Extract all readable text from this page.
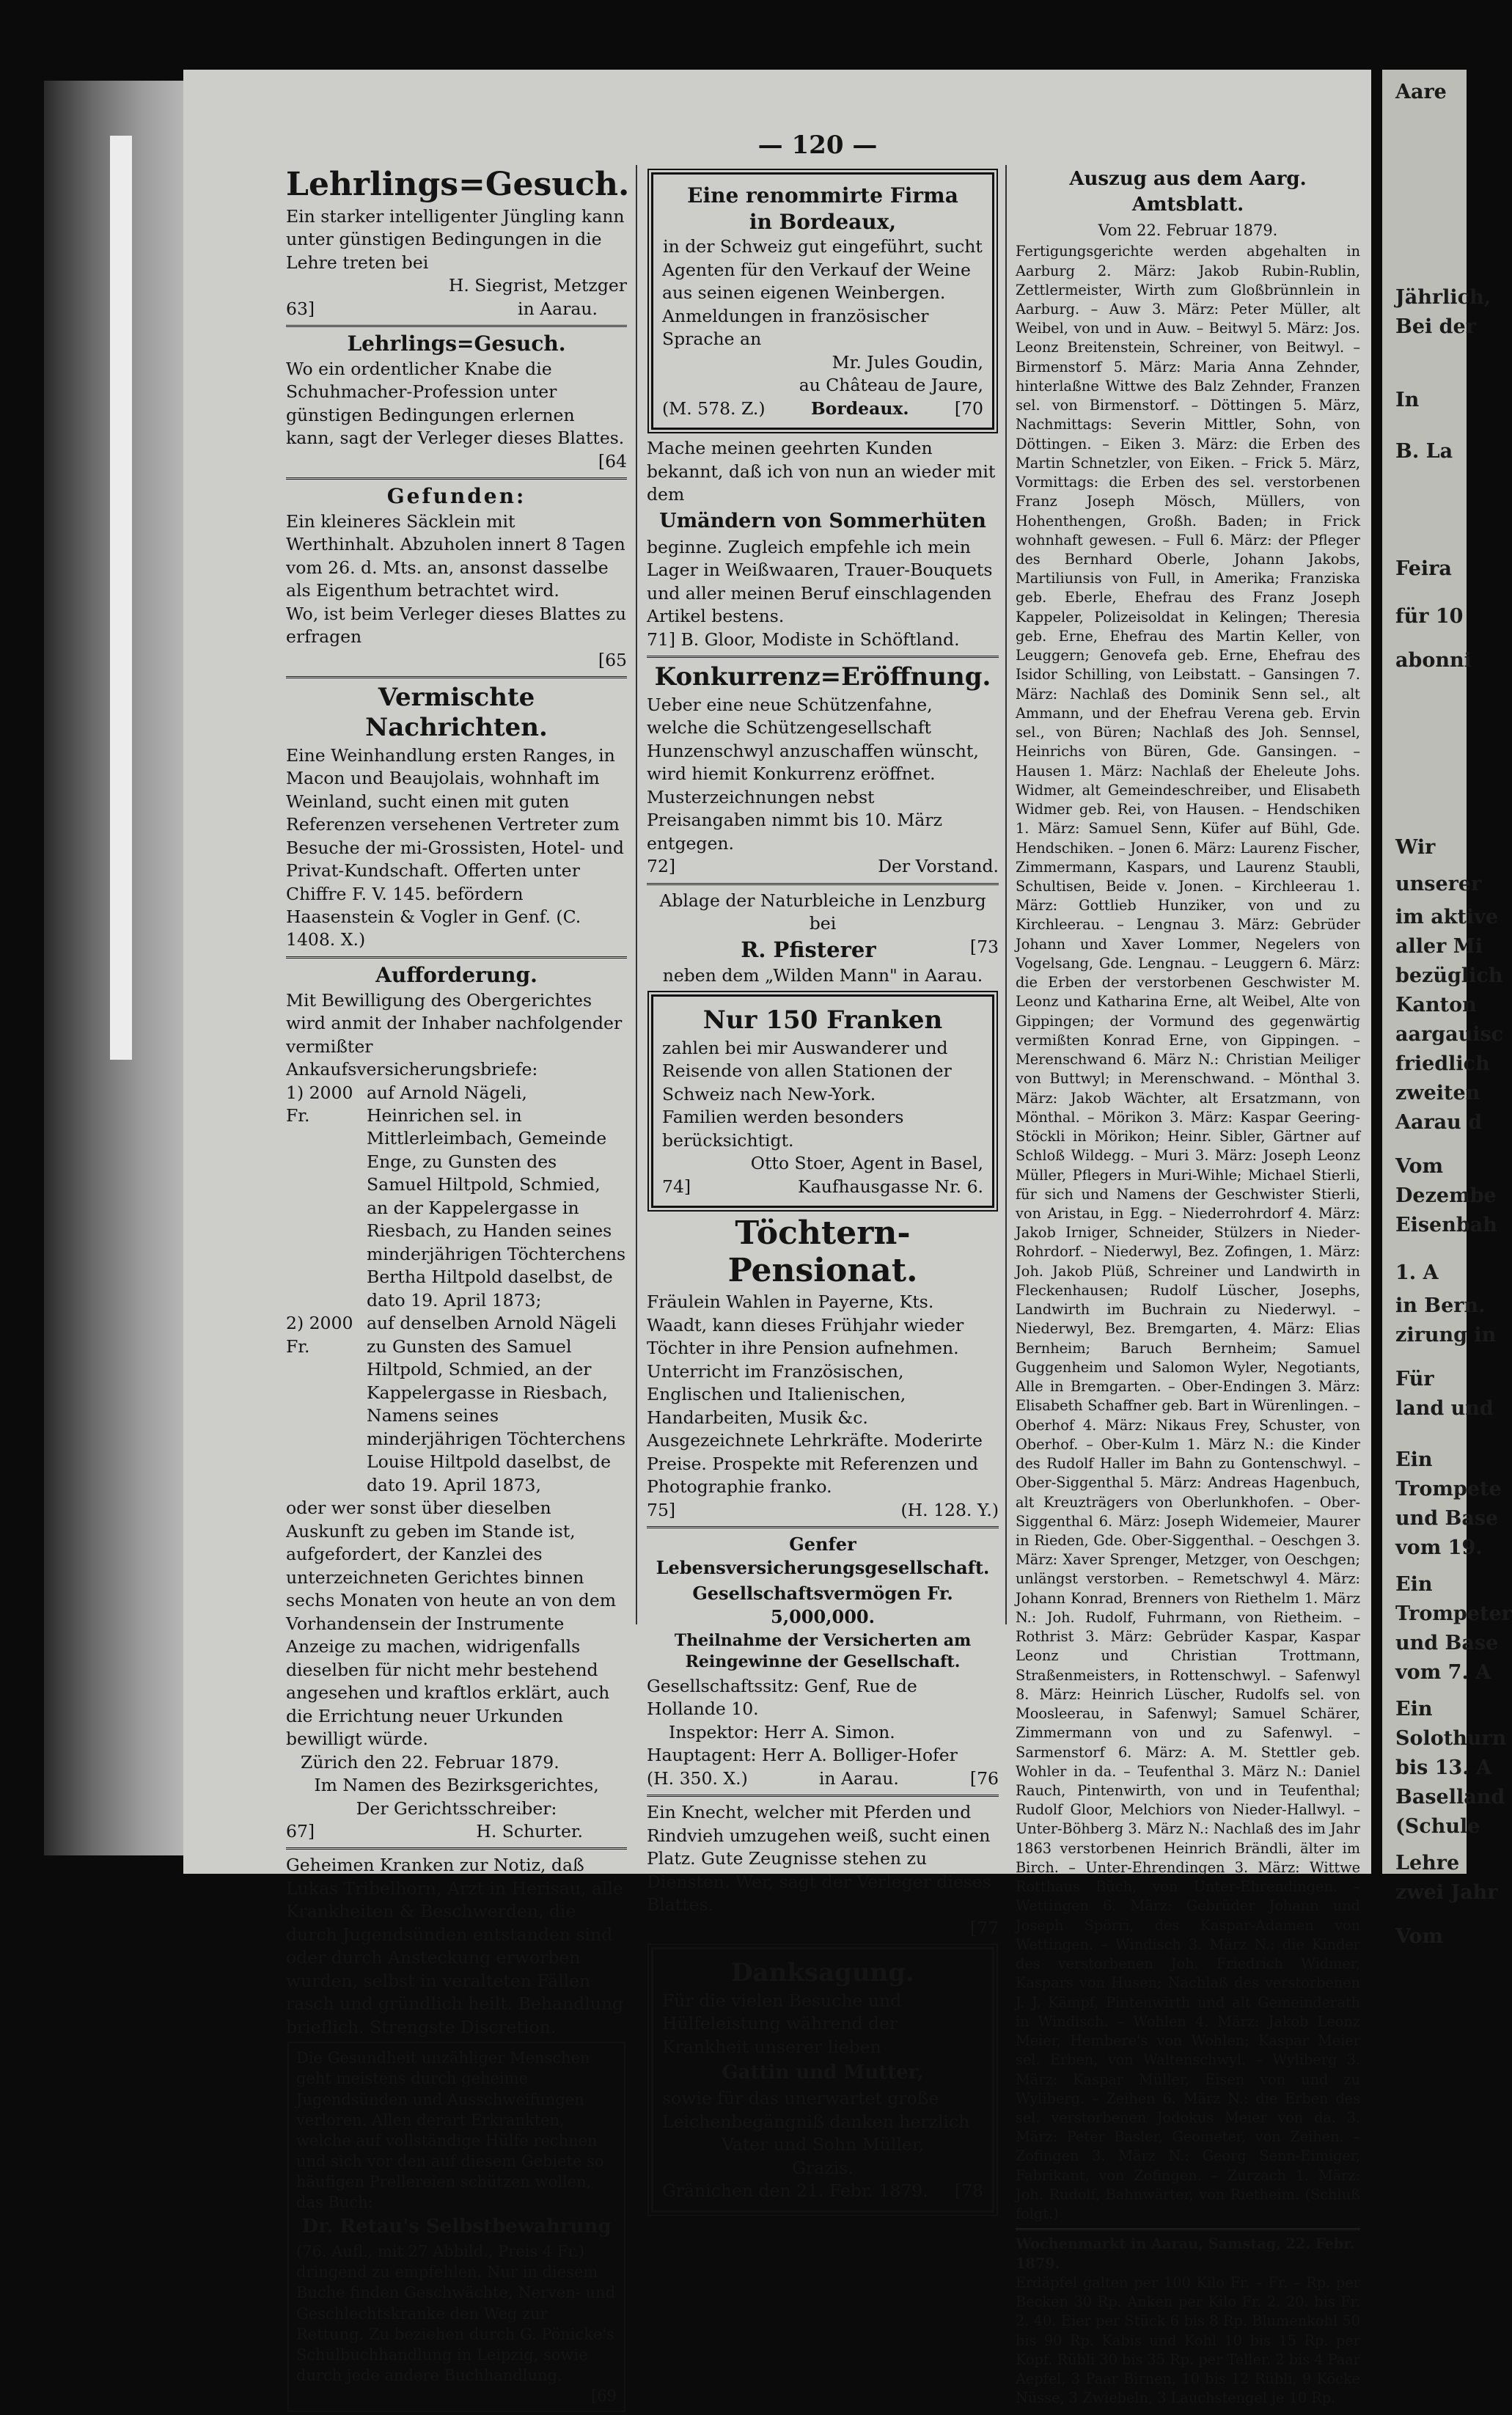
Aare
Jährlich,
Bei der
In
B. La
Feira
für 10
abonni
Wir
unserer
im aktive
aller Mi
bezüglich
Kanton
aargauisc
friedlich
zweiten
Aarau d
Vom
Dezembe
Eisenbah
1. A
in Bern.
zirung in
Für
land und
Ein
Trompete
und Base
vom 19.
Ein
Trompeter
und Base
vom 7. A
Ein
Solothurn
bis 13. A
Baselland
(Schule
Lehre
zwei Jahr
Vom
— 120 —
Lehrlings=Gesuch.

Ein starker intelligenter Jüngling kann unter günstigen Bedingungen in die Lehre treten bei

H. Siegrist, Metzger

63]	in Aarau.
Lehrlings=Gesuch.

Wo ein ordentlicher Knabe die Schuhmacher-Profession unter günstigen Bedingungen erlernen kann, sagt der Verleger dieses Blattes.

[64

Gefunden:

Ein kleineres Säcklein mit Werthinhalt. Abzuholen innert 8 Tagen vom 26. d. Mts. an, ansonst dasselbe als Eigenthum betrachtet wird.

Wo, ist beim Verleger dieses Blattes zu erfragen

[65

Vermischte Nachrichten.

Eine Weinhandlung ersten Ranges, in Macon und Beaujolais, wohnhaft im Weinland, sucht einen mit guten Referenzen versehenen Vertreter zum Besuche der mi-Grossisten, Hotel- und Privat-Kundschaft. Offerten unter Chiffre F. V. 145. befördern Haasenstein & Vogler in Genf. (C. 1408. X.)

Aufforderung.

Mit Bewilligung des Obergerichtes wird anmit der Inhaber nachfolgender vermißter Ankaufsversicherungsbriefe:

1) 2000 Fr.
auf Arnold Nägeli, Heinrichen sel. in Mittlerleimbach, Gemeinde Enge, zu Gunsten des Samuel Hiltpold, Schmied, an der Kappelergasse in Riesbach, zu Handen seines minderjährigen Töchterchens Bertha Hiltpold daselbst, de dato 19. April 1873;
2) 2000 Fr.
auf denselben Arnold Nägeli zu Gunsten des Samuel Hiltpold, Schmied, an der Kappelergasse in Riesbach, Namens seines minderjährigen Töchterchens Louise Hiltpold daselbst, de dato 19. April 1873,

oder wer sonst über dieselben Auskunft zu geben im Stande ist, aufgefordert, der Kanzlei des unterzeichneten Gerichtes binnen sechs Monaten von heute an von dem Vorhandensein der Instrumente Anzeige zu machen, widrigenfalls dieselben für nicht mehr bestehend angesehen und kraftlos erklärt, auch die Errichtung neuer Urkunden bewilligt würde.

Zürich den 22. Februar 1879.

Im Namen des Bezirksgerichtes,

Der Gerichtsschreiber:

67]	H. Schurter.

Geheimen Kranken zur Notiz, daß Lukas Tribelhorn, Arzt in Herisau, alle Krankheiten & Beschwerden, die durch Jugendsünden entstanden sind oder durch Ansteckung erworben wurden, selbst in veralteten Fällen rasch und gründlich heilt. Behandlung brieflich. Strengste Discretion.

Die Gesundheit unzähliger Menschen geht meistens durch geheime Jugendsünden und Ausschweifungen verloren. Allen derart Erkrankten, welche auf vollständige Hülfe rechnen und sich vor den auf diesem Gebiete so häufigen Prellereien schützen wollen, das Buch:

Dr. Retau's Selbstbewahrung

(76. Aufl., mit 27 Abbild., Preis 4 Fr.) dringend zu empfehlen. Nur in diesem Buche finden Geschwächte, Nerven- und Geschlechtskranke den Weg zur Rettung. Zu beziehen durch G. Pönicke's Schulbuchhandlung in Leipzig, sowie durch jede andere Buchhandlung.

[69

Eine renommirte Firma
in Bordeaux,

in der Schweiz gut eingeführt, sucht

Agenten für den Verkauf der Weine aus seinen eigenen Weinbergen. Anmeldungen in französischer Sprache an

Mr. Jules Goudin,

au Château de Jaure,

(M. 578. Z.)	Bordeaux.	[70

Mache meinen geehrten Kunden bekannt, daß ich von nun an wieder mit dem

Umändern von Sommerhüten

beginne. Zugleich empfehle ich mein Lager in Weißwaaren, Trauer-Bouquets und aller meinen Beruf einschlagenden Artikel bestens.

71] B. Gloor, Modiste in Schöftland.

Konkurrenz=Eröffnung.

Ueber eine neue Schützenfahne, welche die Schützengesellschaft Hunzenschwyl anzuschaffen wünscht, wird hiemit Konkurrenz eröffnet.

Musterzeichnungen nebst Preisangaben nimmt bis 10. März entgegen.

72]	Der Vorstand.

Ablage der Naturbleiche in Lenzburg bei

R. Pfisterer	[73

neben dem „Wilden Mann" in Aarau.

Nur 150 Franken

zahlen bei mir Auswanderer und Reisende von allen Stationen der Schweiz nach New-York.

Familien werden besonders berücksichtigt.

Otto Stoer, Agent in Basel,

74]	Kaufhausgasse Nr. 6.
Töchtern-Pensionat.

Fräulein Wahlen in Payerne, Kts. Waadt, kann dieses Frühjahr wieder Töchter in ihre Pension aufnehmen. Unterricht im Französischen, Englischen und Italienischen, Handarbeiten, Musik &c. Ausgezeichnete Lehrkräfte. Moderirte Preise. Prospekte mit Referenzen und Photographie franko.

75]	(H. 128. Y.)
Genfer Lebensversicherungsgesellschaft.
Gesellschaftsvermögen Fr. 5,000,000.
Theilnahme der Versicherten am Reingewinne der Gesellschaft.

Gesellschaftssitz: Genf, Rue de Hollande 10.

Inspektor: Herr A. Simon.

Hauptagent: Herr A. Bolliger-Hofer

(H. 350. X.)	in Aarau.	[76

Ein Knecht, welcher mit Pferden und Rindvieh umzugehen weiß, sucht einen Platz. Gute Zeugnisse stehen zu Diensten. Wer, sagt der Verleger dieses Blattes.

[77

Danksagung.

Für die vielen Besuche und Hülfeleistung während der Krankheit unserer lieben

Gattin und Mutter,

sowie für das unerwartet große Leichenbegängniß danken herzlich

Vater und Sohn Müller,

Grazis.

Gränichen den 21. Febr. 1879. [78
Auszug aus dem Aarg. Amtsblatt.
Vom 22. Februar 1879.

Fertigungsgerichte werden abgehalten in Aarburg 2. März: Jakob Rubin-Rublin, Zettlermeister, Wirth zum Gloßbrünnlein in Aarburg. – Auw 3. März: Peter Müller, alt Weibel, von und in Auw. – Beitwyl 5. März: Jos. Leonz Breitenstein, Schreiner, von Beitwyl. – Birmenstorf 5. März: Maria Anna Zehnder, hinterlaßne Wittwe des Balz Zehnder, Franzen sel. von Birmenstorf. – Döttingen 5. März, Nachmittags: Severin Mittler, Sohn, von Döttingen. – Eiken 3. März: die Erben des Martin Schnetzler, von Eiken. – Frick 5. März, Vormittags: die Erben des sel. verstorbenen Franz Joseph Mösch, Müllers, von Hohenthengen, Großh. Baden; in Frick wohnhaft gewesen. – Full 6. März: der Pfleger des Bernhard Oberle, Johann Jakobs, Martiliunsis von Full, in Amerika; Franziska geb. Eberle, Ehefrau des Franz Joseph Kappeler, Polizeisoldat in Kelingen; Theresia geb. Erne, Ehefrau des Martin Keller, von Leuggern; Genovefa geb. Erne, Ehefrau des Isidor Schilling, von Leibstatt. – Gansingen 7. März: Nachlaß des Dominik Senn sel., alt Ammann, und der Ehefrau Verena geb. Ervin sel., von Büren; Nachlaß des Joh. Sennsel, Heinrichs von Büren, Gde. Gansingen. – Hausen 1. März: Nachlaß der Eheleute Johs. Widmer, alt Gemeindeschreiber, und Elisabeth Widmer geb. Rei, von Hausen. – Hendschiken 1. März: Samuel Senn, Küfer auf Bühl, Gde. Hendschiken. – Jonen 6. März: Laurenz Fischer, Zimmermann, Kaspars, und Laurenz Staubli, Schultisen, Beide v. Jonen. – Kirchleerau 1. März: Gottlieb Hunziker, von und zu Kirchleerau. – Lengnau 3. März: Gebrüder Johann und Xaver Lommer, Negelers von Vogelsang, Gde. Lengnau. – Leuggern 6. März: die Erben der verstorbenen Geschwister M. Leonz und Katharina Erne, alt Weibel, Alte von Gippingen; der Vormund des gegenwärtig vermißten Konrad Erne, von Gippingen. – Merenschwand 6. März N.: Christian Meiliger von Buttwyl; in Merenschwand. – Mönthal 3. März: Jakob Wächter, alt Ersatzmann, von Mönthal. – Mörikon 3. März: Kaspar Geering-Stöckli in Mörikon; Heinr. Sibler, Gärtner auf Schloß Wildegg. – Muri 3. März: Joseph Leonz Müller, Pflegers in Muri-Wihle; Michael Stierli, für sich und Namens der Geschwister Stierli, von Aristau, in Egg. – Niederrohrdorf 4. März: Jakob Irniger, Schneider, Stülzers in Nieder-Rohrdorf. – Niederwyl, Bez. Zofingen, 1. März: Joh. Jakob Plüß, Schreiner und Landwirth in Fleckenhausen; Rudolf Lüscher, Josephs, Landwirth im Buchrain zu Niederwyl. – Niederwyl, Bez. Bremgarten, 4. März: Elias Bernheim; Baruch Bernheim; Samuel Guggenheim und Salomon Wyler, Negotiants, Alle in Bremgarten. – Ober-Endingen 3. März: Elisabeth Schaffner geb. Bart in Würenlingen. – Oberhof 4. März: Nikaus Frey, Schuster, von Oberhof. – Ober-Kulm 1. März N.: die Kinder des Rudolf Haller im Bahn zu Gontenschwyl. – Ober-Siggenthal 5. März: Andreas Hagenbuch, alt Kreuzträgers von Oberlunkhofen. – Ober-Siggenthal 6. März: Joseph Widemeier, Maurer in Rieden, Gde. Ober-Siggenthal. – Oeschgen 3. März: Xaver Sprenger, Metzger, von Oeschgen; unlängst verstorben. – Remetschwyl 4. März: Johann Konrad, Brenners von Riethelm 1. März N.: Joh. Rudolf, Fuhrmann, von Rietheim. – Rothrist 3. März: Gebrüder Kaspar, Kaspar Leonz und Christian Trottmann, Straßenmeisters, in Rottenschwyl. – Safenwyl 8. März: Heinrich Lüscher, Rudolfs sel. von Moosleerau, in Safenwyl; Samuel Schärer, Zimmermann von und zu Safenwyl. – Sarmenstorf 6. März: A. M. Stettler geb. Wohler in da. – Teufenthal 3. März N.: Daniel Rauch, Pintenwirth, von und in Teufenthal; Rudolf Gloor, Melchiors von Nieder-Hallwyl. – Unter-Böhberg 3. März N.: Nachlaß des im Jahr 1863 verstorbenen Heinrich Brändli, älter im Birch. – Unter-Ehrendingen 3. März: Wittwe Rotthaus Büch, von Unter-Ehrendingen. – Wettingen 6. März: Gebrüder Johann und Joseph Spörri, des Kaspar-Adamen von Wettingen. – Windisch 3. März N.: die Kinder des verstorbenen Joh. Friedrich Widmer, Kaspars von Husen; Nachlaß des verstorbenen J. J. Kämpf, Pintenwirth und alt Gemeinderath in Windisch. – Wohlen 4. März: Jakob Leonz Meier, Hembere's von Wohlen; Kaspar Meier sel. Erben, von Waltenschwyl. – Wyliberg 3. März: Kaspar Müller, Eisen von und zu Wyliberg. – Zeihen 6. März N.: die Erben des sel. verstorbenen Jodokus Meier von da. 3. März: Peter Basler, Geometer, von Zeihen. – Zofingen 3. März N.: Georg Senn-Eimiger, Fabrikant, von Zofingen. – Zurzach 1. März: Joh. Rudolf, Bahnwärter, von Rietheim. (Schluß folgt.)

Wochenmarkt in Aarau, Samstag, 22. Febr. 1879.

Erdäpfel galten per 100 Kilo Fr. – Fr. – Rp. per Becken 30 Rp. Anken per Kilo Fr. 2. 20. bis Fr. 2. 40. Eier per Stück 6 bis 8 Rp. Blumenkohl 50 bis 90 Rp. Kabis und Kohl 10 bis 15 Rp. per Kopf. Rübli 30 bis 35 Rp. per Teller. 2 bis 4 Paar Aepfel, 3 Paar Birnen, 10 bis 12 Rübli, 9 Köcke Nüsse, 3 Zwiebeln, 3 Lauchstengel je 10 Rp.
